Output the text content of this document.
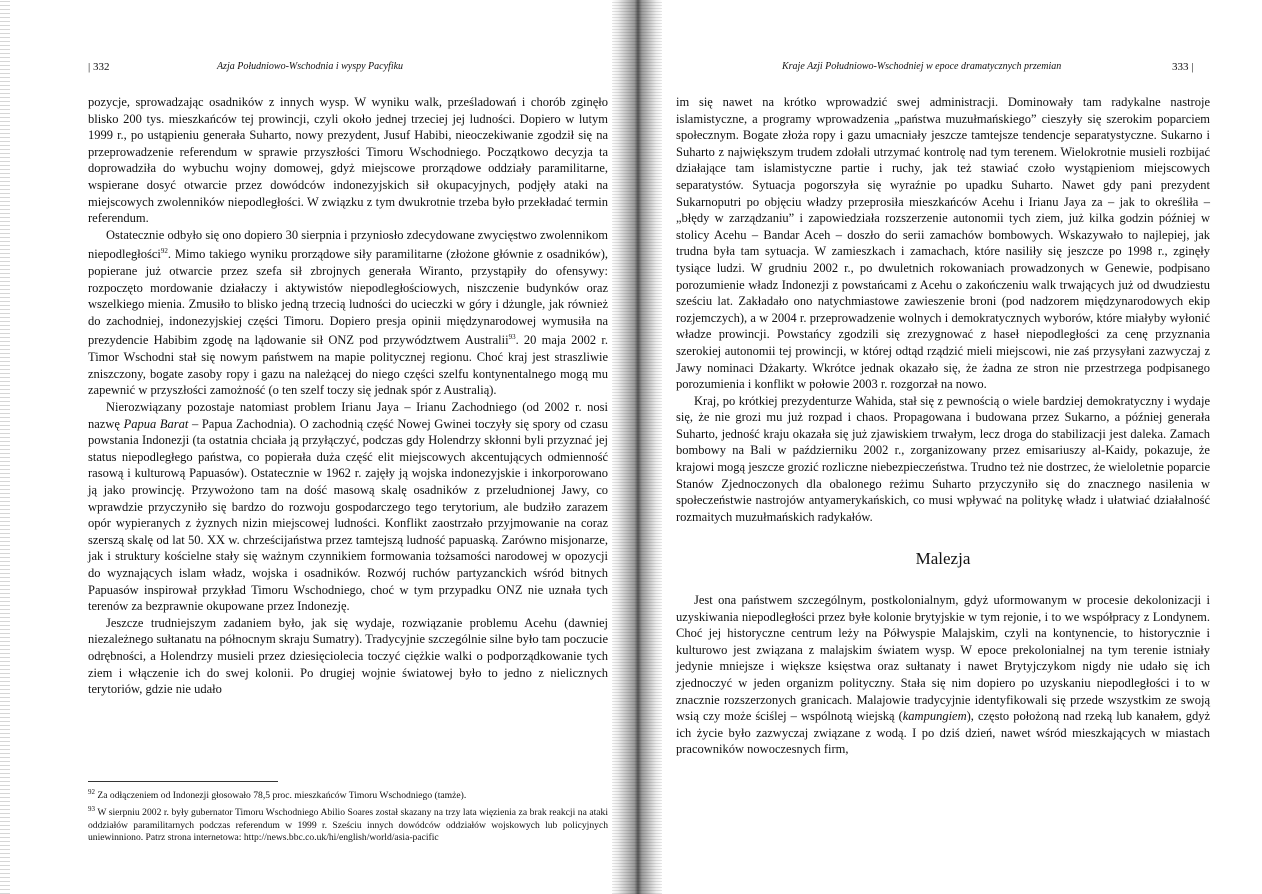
| 332	Azja Południowo-Wschodnia i wyspy Pacyfiku

pozycje, sprowadzając osadników z innych wysp. W wyniku walk, prześladowań i chorób zginęło blisko 200 tys. mieszkańców tej prowincji, czyli około jednej trzeciej jej ludności. Dopiero w lutym 1999 r., po ustąpieniu generała Suharto, nowy prezydent, Jusuf Habibi, nieoczekiwanie zgodził się na przeprowadzenie referendum w sprawie przyszłości Timoru Wschodniego. Początkowo decyzja ta doprowadziła do wybuchu wojny domowej, gdyż miejscowe prorządowe oddziały paramilitarne, wspierane dosyć otwarcie przez dowódców indonezyjskich sił okupacyjnych, podjęły ataki na miejscowych zwolenników niepodległości. W związku z tym dwukrotnie trzeba było przekładać termin referendum.

Ostatecznie odbyło się ono dopiero 30 sierpnia i przyniosło zdecydowane zwycięstwo zwolennikom niepodległości$^{92}$. Mimo takiego wyniku prorządowe siły paramilitarne (złożone głównie z osadników), popierane już otwarcie przez szefa sił zbrojnych generała Wiranto, przystąpiły do ofensywy: rozpoczęto mordowanie działaczy i aktywistów niepodległościowych, niszczenie budynków oraz wszelkiego mienia. Zmusiło to blisko jedną trzecią ludności do ucieczki w góry i dżungle, jak również do zachodniej, indonezyjskiej części Timoru. Dopiero presja opinii międzynarodowej wymusiła na prezydencie Habibim zgodę na lądowanie sił ONZ pod przywództwem Australii$^{93}$. 20 maja 2002 r. Timor Wschodni stał się nowym państwem na mapie politycznej regionu. Choć kraj jest straszliwie zniszczony, bogate zasoby ropy i gazu na należącej do niego części szelfu kontynentalnego mogą mu zapewnić w przyszłości zamożność (o ten szelf toczy się jednak spór z Australią).

Nierozwiązany pozostaje natomiast problem Irianu Jaya – Irianu Zachodniego (od 2002 r. nosi nazwę Papua Barat – Papua Zachodnia). O zachodnią część Nowej Gwinei toczyły się spory od czasu powstania Indonezji (ta ostatnia chciała ją przyłączyć, podczas gdy Holendrzy skłonni byli przyznać jej status niepodległego państwa, co popierała duża część elit miejscowych akcentujących odmienność rasową i kulturową Papuasów). Ostatecznie w 1962 r. zajęły ją wojska indonezyjskie i inkorporowano ją jako prowincję. Przywożono tam na dość masową skalę osadników z przeludnionej Jawy, co wprawdzie przyczyniło się bardzo do rozwoju gospodarczego tego terytorium, ale budziło zarazem opór wypieranych z żyznych nizin miejscowej ludności. Konflikt zaostrzało przyjmowanie na coraz szerszą skalę od lat 50. XX w. chrześcijaństwa przez tamtejszą ludność papuaską. Zarówno misjonarze, jak i struktury kościelne stały się ważnym czynnikiem formowania tożsamości narodowej w opozycji do wyznających islam władz, wojska i osadników. Rozwój ruchów partyzanckich wśród bitnych Papuasów inspirował przykład Timoru Wschodniego, choć w tym przypadku ONZ nie uznała tych terenów za bezprawnie okupowane przez Indonezję.

Jeszcze trudniejszym zadaniem było, jak się wydaje, rozwiązanie problemu Acehu (dawniej niezależnego sułtanatu na północnym skraju Sumatry). Tradycyjnie szczególnie silne było tam poczucie odrębności, a Holendrzy musieli przez dziesięciolecia toczyć ciężkie walki o podporządkowanie tych ziem i włączenie ich do swej kolonii. Po drugiej wojnie światowej było to jedno z nielicznych terytoriów, gdzie nie udało

$^{92}$ Za odłączeniem od Indonezji głosowało 78,5 proc. mieszkańców Timoru Wschodniego (tamże).

$^{93}$ W sierpniu 2002 r. były gubernator Timoru Wschodniego Abilio Soares został skazany na trzy lata więzienia za brak reakcji na ataki oddziałów paramilitarnych podczas referendum w 1999 r. Sześciu innych dowódców oddziałów wojskowych lub policyjnych uniewinniono. Patrz strona internetowa: http://news.bbc.co.uk/hi/english/world/asia-pacific

Kraje Azji Południowo-Wschodniej w epoce dramatycznych przemian	333 |

im się nawet na krótko wprowadzić swej administracji. Dominowały tam radykalne nastroje islamistyczne, a programy wprowadzenia „państwa muzułmańskiego” cieszyły się szerokim poparciem społecznym. Bogate złoża ropy i gazu umacniały jeszcze tamtejsze tendencje separatystyczne. Sukarno i Suharto z największym trudem zdołali utrzymać kontrolę nad tym terenem. Wielokrotnie musieli rozbijać działające tam islamistyczne partie i ruchy, jak też stawiać czoło wystąpieniom miejscowych separatystów. Sytuacja pogorszyła się wyraźnie po upadku Suharto. Nawet gdy pani prezydent Sukarnoputri po objęciu władzy przeprosiła mieszkańców Acehu i Irianu Jaya za – jak to określiła – „błędy w zarządzaniu” i zapowiedziała rozszerzenie autonomii tych ziem, już kilka godzin później w stolicy Acehu – Bandar Aceh – doszło do serii zamachów bombowych. Wskazywało to najlepiej, jak trudna była tam sytuacja. W zamieszkach i zamachach, które nasiliły się jeszcze po 1998 r., zginęły tysiące ludzi. W grudniu 2002 r., po dwuletnich rokowaniach prowadzonych w Genewie, podpisano porozumienie władz Indonezji z powstańcami z Acehu o zakończeniu walk trwających już od dwudziestu sześciu lat. Zakładało ono natychmiastowe zawieszenie broni (pod nadzorem międzynarodowych ekip rozjemczych), a w 2004 r. przeprowadzenie wolnych i demokratycznych wyborów, które miałyby wyłonić władze prowincji. Powstańcy zgodzili się zrezygnować z haseł niepodległości za cenę przyznania szerokiej autonomii tej prowincji, w której odtąd rządzić mieli miejscowi, nie zaś przysyłani zazwyczaj z Jawy nominaci Dżakarty. Wkrótce jednak okazało się, że żadna ze stron nie przestrzega podpisanego porozumienia i konflikt w połowie 2003 r. rozgorzał na nowo.

Kraj, po krótkiej prezydenturze Wahida, stał się z pewnością o wiele bardziej demokratyczny i wydaje się, że nie grozi mu już rozpad i chaos. Propagowana i budowana przez Sukarno, a później generała Suharto, jedność kraju okazała się już zjawiskiem trwałym, lecz droga do stabilizacji jest daleka. Zamach bombowy na Bali w październiku 2002 r., zorganizowany przez emisariuszy al-Kaidy, pokazuje, że krajowi mogą jeszcze grozić rozliczne niebezpieczeństwa. Trudno też nie dostrzec, że wieloletnie poparcie Stanów Zjednoczonych dla obalonego reżimu Suharto przyczyniło się do znacznego nasilenia w społeczeństwie nastrojów antyamerykańskich, co musi wpływać na politykę władz i ułatwiać działalność rozmaitych muzułmańskich radykałów.

Malezja

Jest ona państwem szczególnym, postkolonialnym, gdyż uformowanym w procesie dekolonizacji i uzyskiwania niepodległości przez byłe kolonie brytyjskie w tym rejonie, i to we współpracy z Londynem. Choć jej historyczne centrum leży na Półwyspie Malajskim, czyli na kontynencie, to historycznie i kulturowo jest związana z malajskim światem wysp. W epoce prekolonialnej na tym terenie istniały jedynie mniejsze i większe księstwa oraz sułtanaty i nawet Brytyjczykom nigdy nie udało się ich zjednoczyć w jeden organizm polityczny. Stała się nim dopiero po uzyskaniu niepodległości i to w znacznie rozszerzonych granicach. Malajowie tradycyjnie identyfikowali się przede wszystkim ze swoją wsią czy może ściślej – wspólnotą wiejską (kampungiem), często położoną nad rzeką lub kanałem, gdyż ich życie było zazwyczaj związane z wodą. I po dziś dzień, nawet wśród mieszkających w miastach pracowników nowoczesnych firm,
